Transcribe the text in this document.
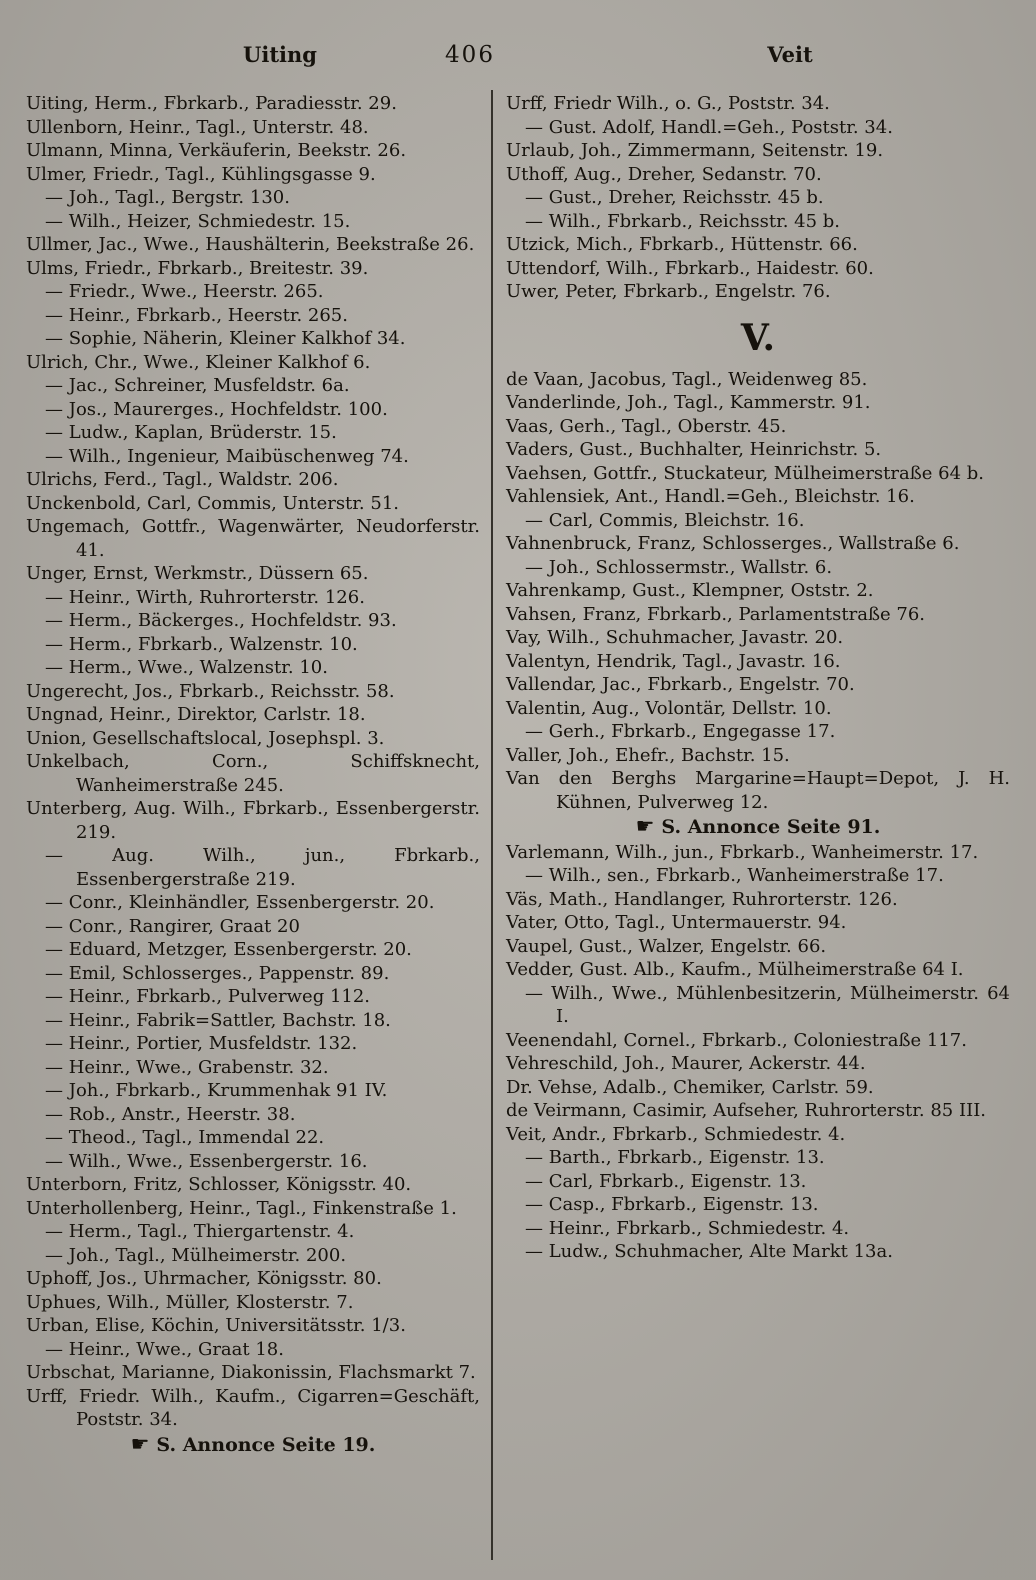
Uiting	406	Veit

Uiting, Herm., Fbrkarb., Paradiesstr. 29.

Ullenborn, Heinr., Tagl., Unterstr. 48.

Ulmann, Minna, Verkäuferin, Beekstr. 26.

Ulmer, Friedr., Tagl., Kühlingsgasse 9.

— Joh., Tagl., Bergstr. 130.

— Wilh., Heizer, Schmiedestr. 15.

Ullmer, Jac., Wwe., Haushälterin, Beekstraße 26.

Ulms, Friedr., Fbrkarb., Breitestr. 39.

— Friedr., Wwe., Heerstr. 265.

— Heinr., Fbrkarb., Heerstr. 265.

— Sophie, Näherin, Kleiner Kalkhof 34.

Ulrich, Chr., Wwe., Kleiner Kalkhof 6.

— Jac., Schreiner, Musfeldstr. 6a.

— Jos., Maurerges., Hochfeldstr. 100.

— Ludw., Kaplan, Brüderstr. 15.

— Wilh., Ingenieur, Maibüschenweg 74.

Ulrichs, Ferd., Tagl., Waldstr. 206.

Unckenbold, Carl, Commis, Unterstr. 51.

Ungemach, Gottfr., Wagenwärter, Neudorferstr. 41.

Unger, Ernst, Werkmstr., Düssern 65.

— Heinr., Wirth, Ruhrorterstr. 126.

— Herm., Bäckerges., Hochfeldstr. 93.

— Herm., Fbrkarb., Walzenstr. 10.

— Herm., Wwe., Walzenstr. 10.

Ungerecht, Jos., Fbrkarb., Reichsstr. 58.

Ungnad, Heinr., Direktor, Carlstr. 18.

Union, Gesellschaftslocal, Josephspl. 3.

Unkelbach, Corn., Schiffsknecht, Wanheimerstraße 245.

Unterberg, Aug. Wilh., Fbrkarb., Essenbergerstr. 219.

— Aug. Wilh., jun., Fbrkarb., Essenbergerstraße 219.

— Conr., Kleinhändler, Essenbergerstr. 20.

— Conr., Rangirer, Graat 20

— Eduard, Metzger, Essenbergerstr. 20.

— Emil, Schlosserges., Pappenstr. 89.

— Heinr., Fbrkarb., Pulverweg 112.

— Heinr., Fabrik=Sattler, Bachstr. 18.

— Heinr., Portier, Musfeldstr. 132.

— Heinr., Wwe., Grabenstr. 32.

— Joh., Fbrkarb., Krummenhak 91 IV.

— Rob., Anstr., Heerstr. 38.

— Theod., Tagl., Immendal 22.

— Wilh., Wwe., Essenbergerstr. 16.

Unterborn, Fritz, Schlosser, Königsstr. 40.

Unterhollenberg, Heinr., Tagl., Finkenstraße 1.

— Herm., Tagl., Thiergartenstr. 4.

— Joh., Tagl., Mülheimerstr. 200.

Uphoff, Jos., Uhrmacher, Königsstr. 80.

Uphues, Wilh., Müller, Klosterstr. 7.

Urban, Elise, Köchin, Universitätsstr. 1/3.

— Heinr., Wwe., Graat 18.

Urbschat, Marianne, Diakonissin, Flachsmarkt 7.

Urff, Friedr. Wilh., Kaufm., Cigarren=Geschäft, Poststr. 34.

☛ S. Annonce Seite 19.

Urff, Friedr Wilh., o. G., Poststr. 34.

— Gust. Adolf, Handl.=Geh., Poststr. 34.

Urlaub, Joh., Zimmermann, Seitenstr. 19.

Uthoff, Aug., Dreher, Sedanstr. 70.

— Gust., Dreher, Reichsstr. 45 b.

— Wilh., Fbrkarb., Reichsstr. 45 b.

Utzick, Mich., Fbrkarb., Hüttenstr. 66.

Uttendorf, Wilh., Fbrkarb., Haidestr. 60.

Uwer, Peter, Fbrkarb., Engelstr. 76.

V.

de Vaan, Jacobus, Tagl., Weidenweg 85.

Vanderlinde, Joh., Tagl., Kammerstr. 91.

Vaas, Gerh., Tagl., Oberstr. 45.

Vaders, Gust., Buchhalter, Heinrichstr. 5.

Vaehsen, Gottfr., Stuckateur, Mülheimerstraße 64 b.

Vahlensiek, Ant., Handl.=Geh., Bleichstr. 16.

— Carl, Commis, Bleichstr. 16.

Vahnenbruck, Franz, Schlosserges., Wallstraße 6.

— Joh., Schlossermstr., Wallstr. 6.

Vahrenkamp, Gust., Klempner, Oststr. 2.

Vahsen, Franz, Fbrkarb., Parlamentstraße 76.

Vay, Wilh., Schuhmacher, Javastr. 20.

Valentyn, Hendrik, Tagl., Javastr. 16.

Vallendar, Jac., Fbrkarb., Engelstr. 70.

Valentin, Aug., Volontär, Dellstr. 10.

— Gerh., Fbrkarb., Engegasse 17.

Valler, Joh., Ehefr., Bachstr. 15.

Van den Berghs Margarine=Haupt=Depot, J. H. Kühnen, Pulverweg 12.

☛ S. Annonce Seite 91.

Varlemann, Wilh., jun., Fbrkarb., Wanheimerstr. 17.

— Wilh., sen., Fbrkarb., Wanheimerstraße 17.

Väs, Math., Handlanger, Ruhrorterstr. 126.

Vater, Otto, Tagl., Untermauerstr. 94.

Vaupel, Gust., Walzer, Engelstr. 66.

Vedder, Gust. Alb., Kaufm., Mülheimerstraße 64 I.

— Wilh., Wwe., Mühlenbesitzerin, Mülheimerstr. 64 I.

Veenendahl, Cornel., Fbrkarb., Coloniestraße 117.

Vehreschild, Joh., Maurer, Ackerstr. 44.

Dr. Vehse, Adalb., Chemiker, Carlstr. 59.

de Veirmann, Casimir, Aufseher, Ruhrorterstr. 85 III.

Veit, Andr., Fbrkarb., Schmiedestr. 4.

— Barth., Fbrkarb., Eigenstr. 13.

— Carl, Fbrkarb., Eigenstr. 13.

— Casp., Fbrkarb., Eigenstr. 13.

— Heinr., Fbrkarb., Schmiedestr. 4.

— Ludw., Schuhmacher, Alte Markt 13a.
